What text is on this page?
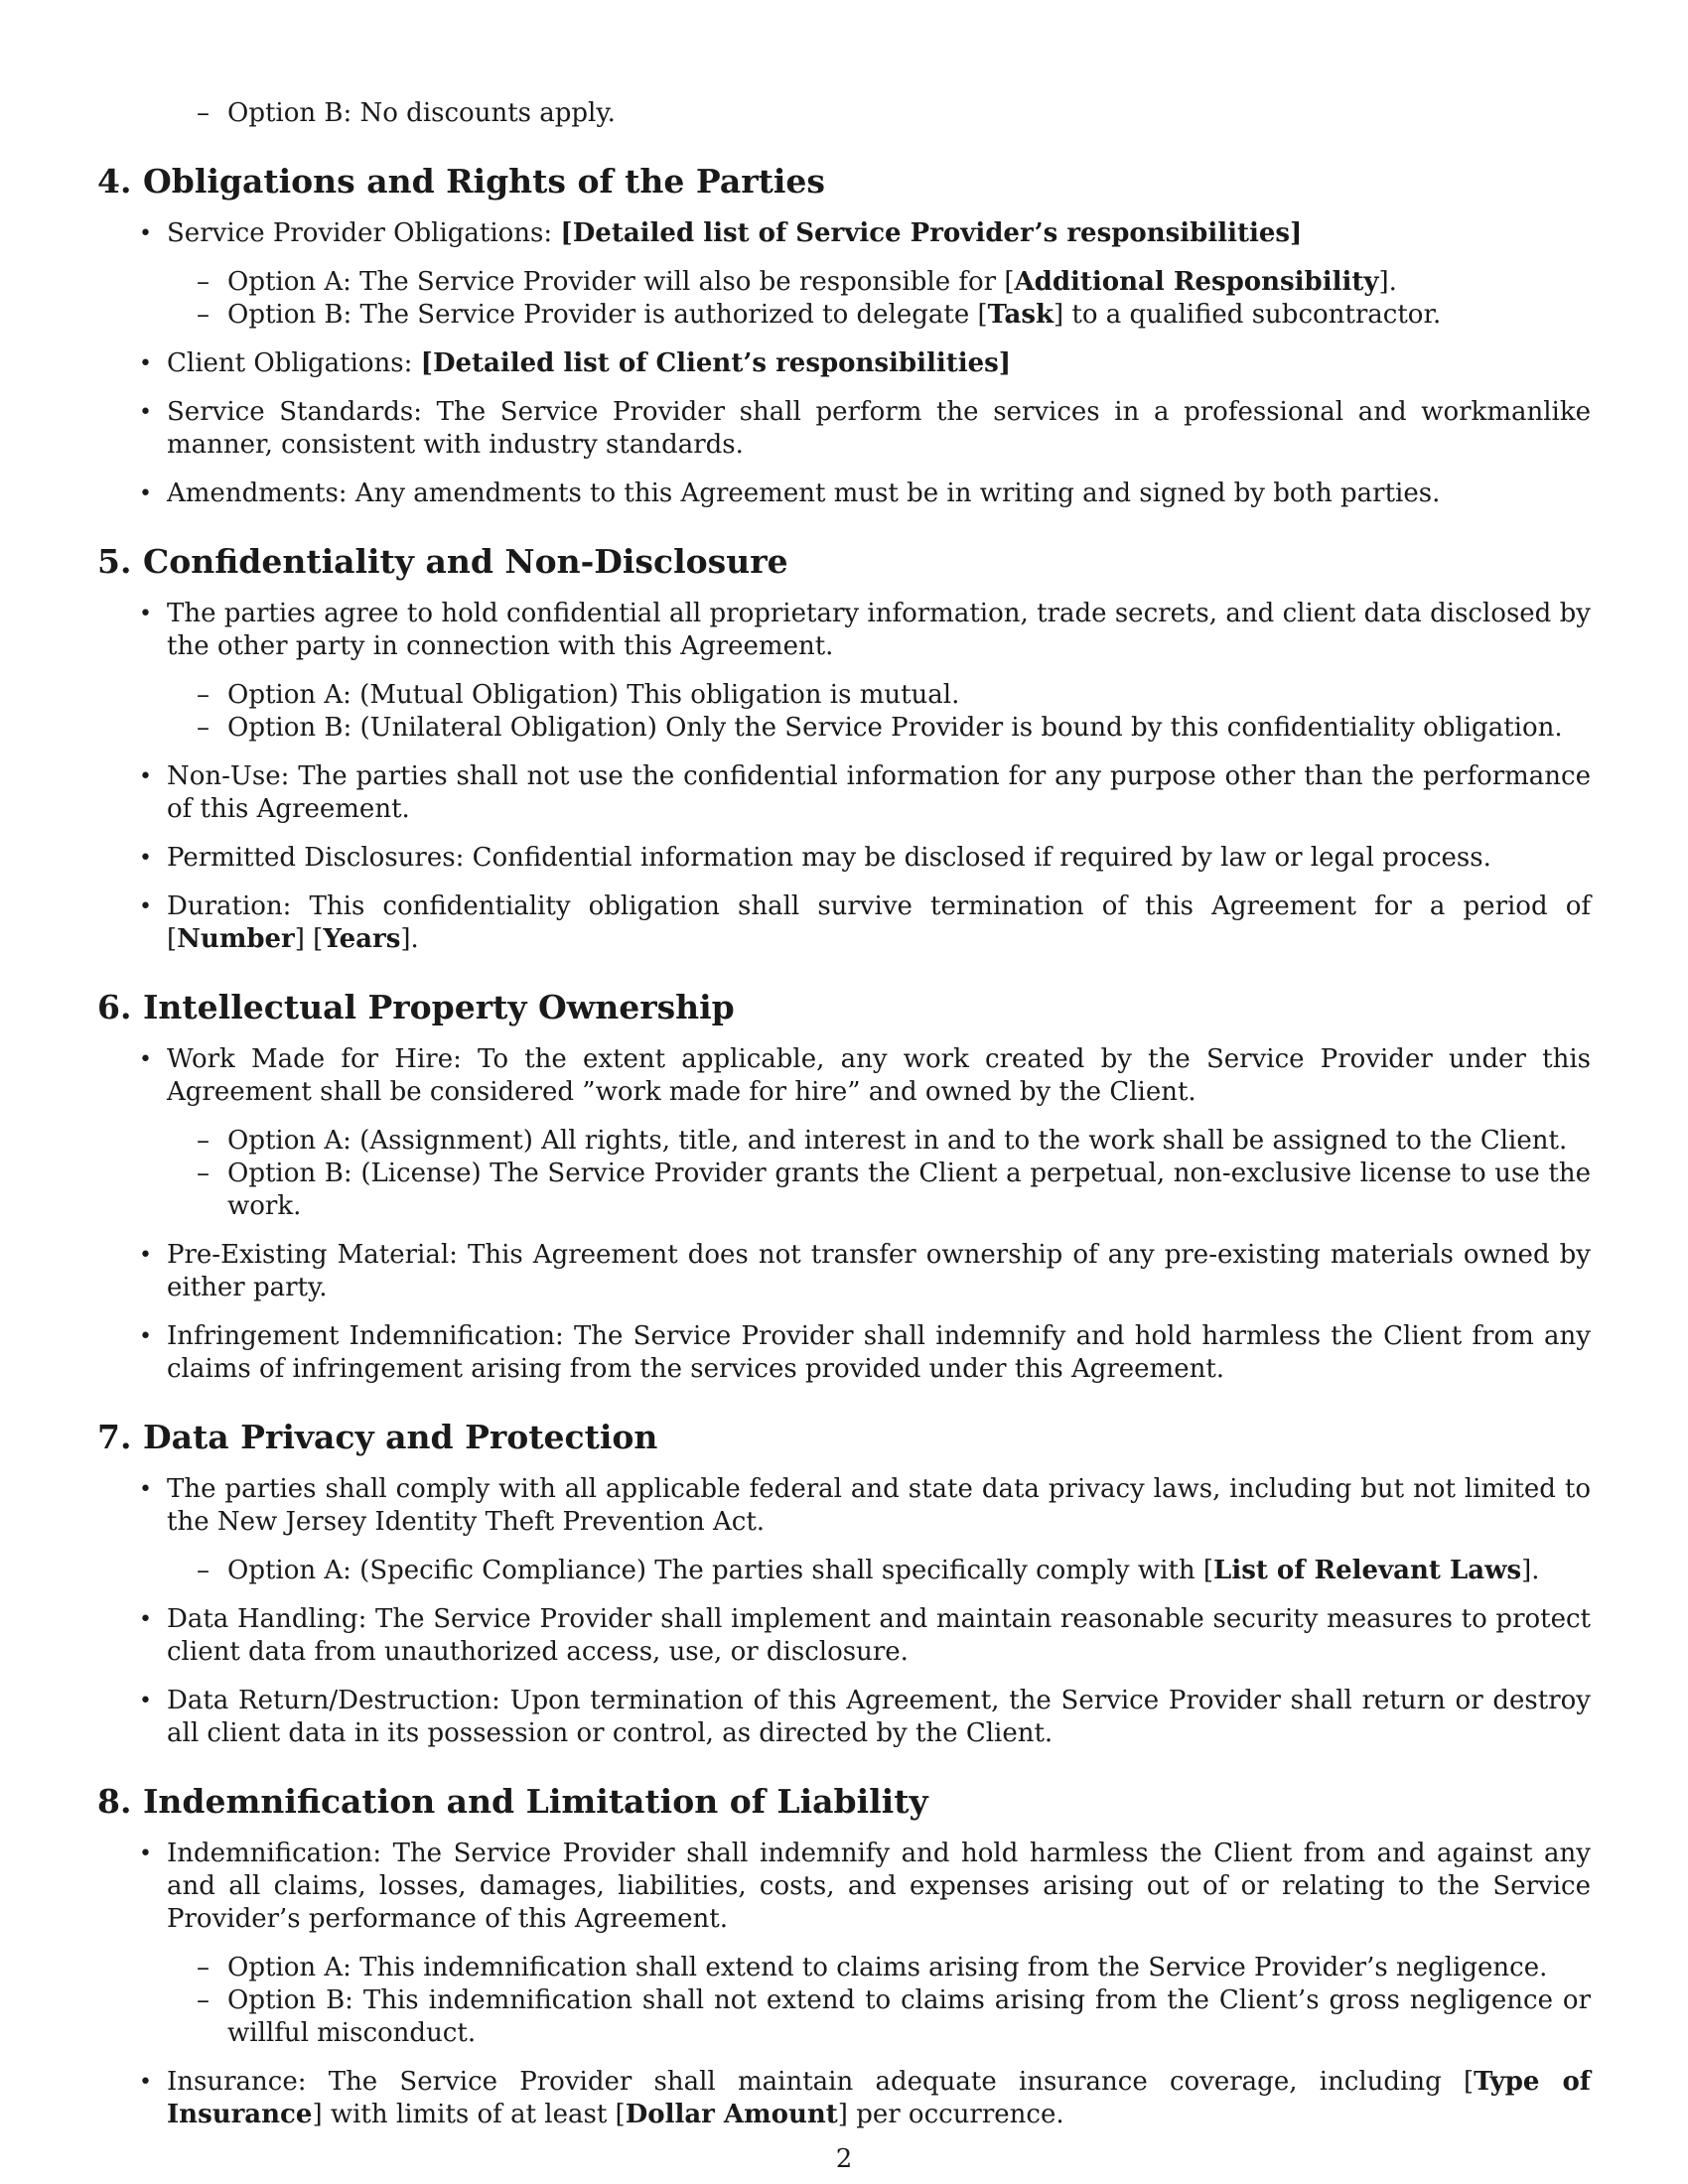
– Option B: No discounts apply.
4. Obligations and Rights of the Parties
• Service Provider Obligations: [Detailed list of Service Provider’s responsibilities]
– Option A: The Service Provider will also be responsible for [Additional Responsibility].
– Option B: The Service Provider is authorized to delegate [Task] to a qualified subcontractor.
• Client Obligations: [Detailed list of Client’s responsibilities]
• Service Standards: The Service Provider shall perform the services in a professional and workmanlike manner, consistent with industry standards.
• Amendments: Any amendments to this Agreement must be in writing and signed by both parties.
5. Confidentiality and Non-Disclosure
• The parties agree to hold confidential all proprietary information, trade secrets, and client data disclosed by the other party in connection with this Agreement.
– Option A: (Mutual Obligation) This obligation is mutual.
– Option B: (Unilateral Obligation) Only the Service Provider is bound by this confidentiality obligation.
• Non-Use: The parties shall not use the confidential information for any purpose other than the performance of this Agreement.
• Permitted Disclosures: Confidential information may be disclosed if required by law or legal process.
• Duration: This confidentiality obligation shall survive termination of this Agreement for a period of [Number] [Years].
6. Intellectual Property Ownership
• Work Made for Hire: To the extent applicable, any work created by the Service Provider under this Agreement shall be considered ”work made for hire” and owned by the Client.
– Option A: (Assignment) All rights, title, and interest in and to the work shall be assigned to the Client.
– Option B: (License) The Service Provider grants the Client a perpetual, non-exclusive license to use the work.
• Pre-Existing Material: This Agreement does not transfer ownership of any pre-existing materials owned by either party.
• Infringement Indemnification: The Service Provider shall indemnify and hold harmless the Client from any claims of infringement arising from the services provided under this Agreement.
7. Data Privacy and Protection
• The parties shall comply with all applicable federal and state data privacy laws, including but not limited to the New Jersey Identity Theft Prevention Act.
– Option A: (Specific Compliance) The parties shall specifically comply with [List of Relevant Laws].
• Data Handling: The Service Provider shall implement and maintain reasonable security measures to protect client data from unauthorized access, use, or disclosure.
• Data Return/Destruction: Upon termination of this Agreement, the Service Provider shall return or destroy all client data in its possession or control, as directed by the Client.
8. Indemnification and Limitation of Liability
• Indemnification: The Service Provider shall indemnify and hold harmless the Client from and against any and all claims, losses, damages, liabilities, costs, and expenses arising out of or relating to the Service Provider’s performance of this Agreement.
– Option A: This indemnification shall extend to claims arising from the Service Provider’s negligence.
– Option B: This indemnification shall not extend to claims arising from the Client’s gross negligence or willful misconduct.
• Insurance: The Service Provider shall maintain adequate insurance coverage, including [Type of Insurance] with limits of at least [Dollar Amount] per occurrence.
2
